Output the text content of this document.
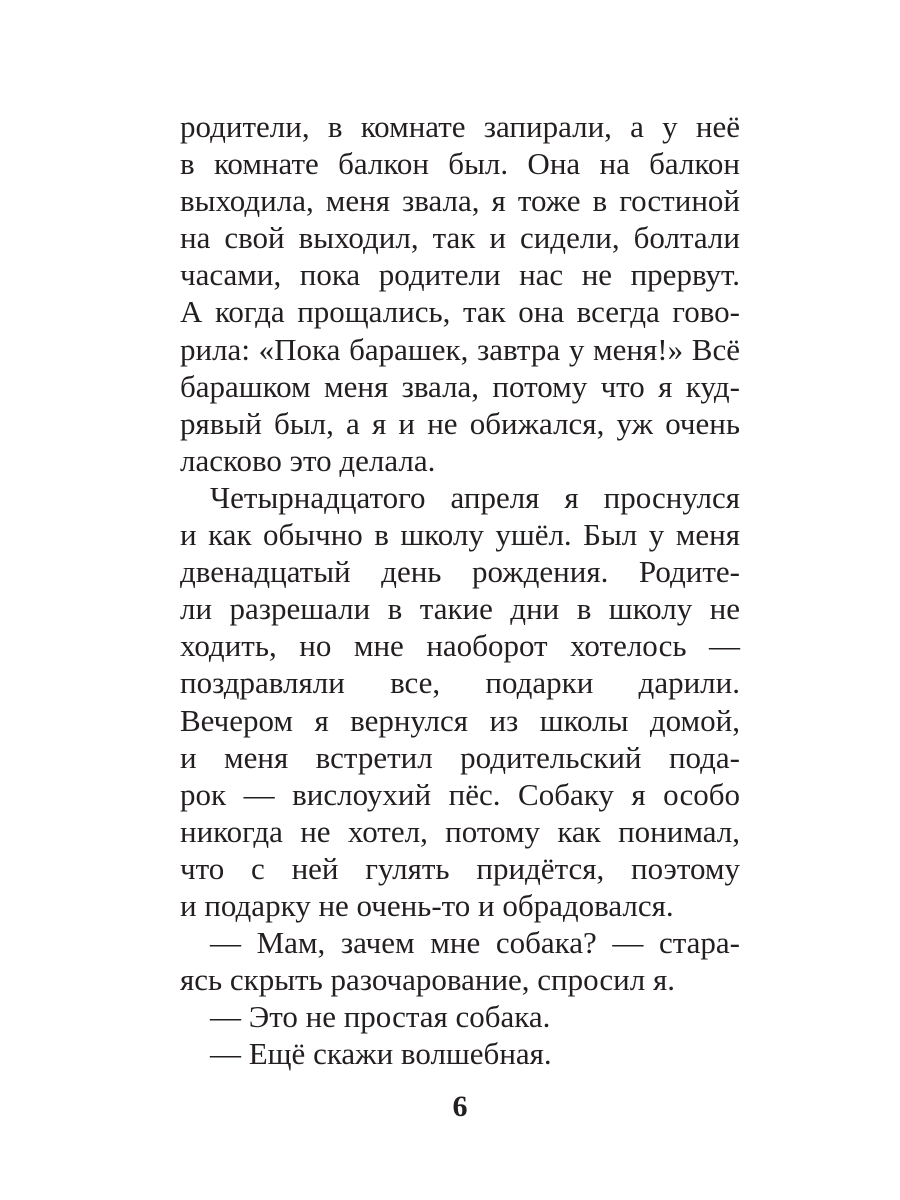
родители, в комнате запирали, а у неё
в комнате балкон был. Она на балкон
выходила, меня звала, я тоже в гостиной
на свой выходил, так и сидели, болтали
часами, пока родители нас не прервут.
А когда прощались, так она всегда гово-
рила: «Пока барашек, завтра у меня!» Всё
барашком меня звала, потому что я куд-
рявый был, а я и не обижался, уж очень
ласково это делала.
Четырнадцатого апреля я проснулся
и как обычно в школу ушёл. Был у меня
двенадцатый день рождения. Родите-
ли разрешали в такие дни в школу не
ходить, но мне наоборот хотелось —
поздравляли все, подарки дарили.
Вечером я вернулся из школы домой,
и меня встретил родительский пода-
рок — вислоухий пёс. Собаку я особо
никогда не хотел, потому как понимал,
что с ней гулять придётся, поэтому
и подарку не очень-то и обрадовался.
— Мам, зачем мне собака? — стара-
ясь скрыть разочарование, спросил я.
— Это не простая собака.
— Ещё скажи волшебная.
6
